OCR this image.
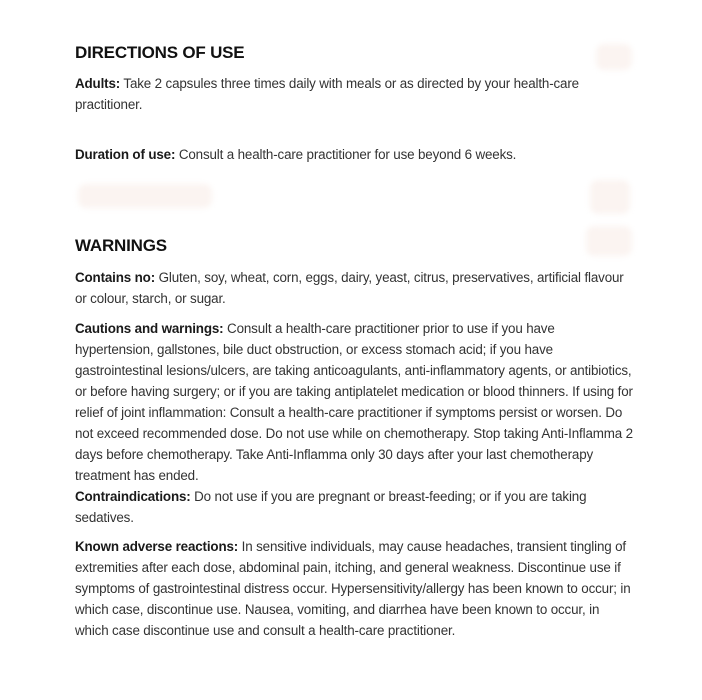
DIRECTIONS OF USE

Adults: Take 2 capsules three times daily with meals or as directed by your health-care practitioner.

Duration of use: Consult a health-care practitioner for use beyond 6 weeks.

WARNINGS

Contains no: Gluten, soy, wheat, corn, eggs, dairy, yeast, citrus, preservatives, artificial flavour or colour, starch, or sugar.

Cautions and warnings: Consult a health-care practitioner prior to use if you have hypertension, gallstones, bile duct obstruction, or excess stomach acid; if you have gastrointestinal lesions/ulcers, are taking anticoagulants, anti-inflammatory agents, or antibiotics, or before having surgery; or if you are taking antiplatelet medication or blood thinners. If using for relief of joint inflammation: Consult a health-care practitioner if symptoms persist or worsen. Do not exceed recommended dose. Do not use while on chemotherapy. Stop taking Anti-Inflamma 2 days before chemotherapy. Take Anti-Inflamma only 30 days after your last chemotherapy treatment has ended.

Contraindications: Do not use if you are pregnant or breast-feeding; or if you are taking sedatives.

Known adverse reactions: In sensitive individuals, may cause headaches, transient tingling of extremities after each dose, abdominal pain, itching, and general weakness. Discontinue use if symptoms of gastrointestinal distress occur. Hypersensitivity/allergy has been known to occur; in which case, discontinue use. Nausea, vomiting, and diarrhea have been known to occur, in which case discontinue use and consult a health-care practitioner.
